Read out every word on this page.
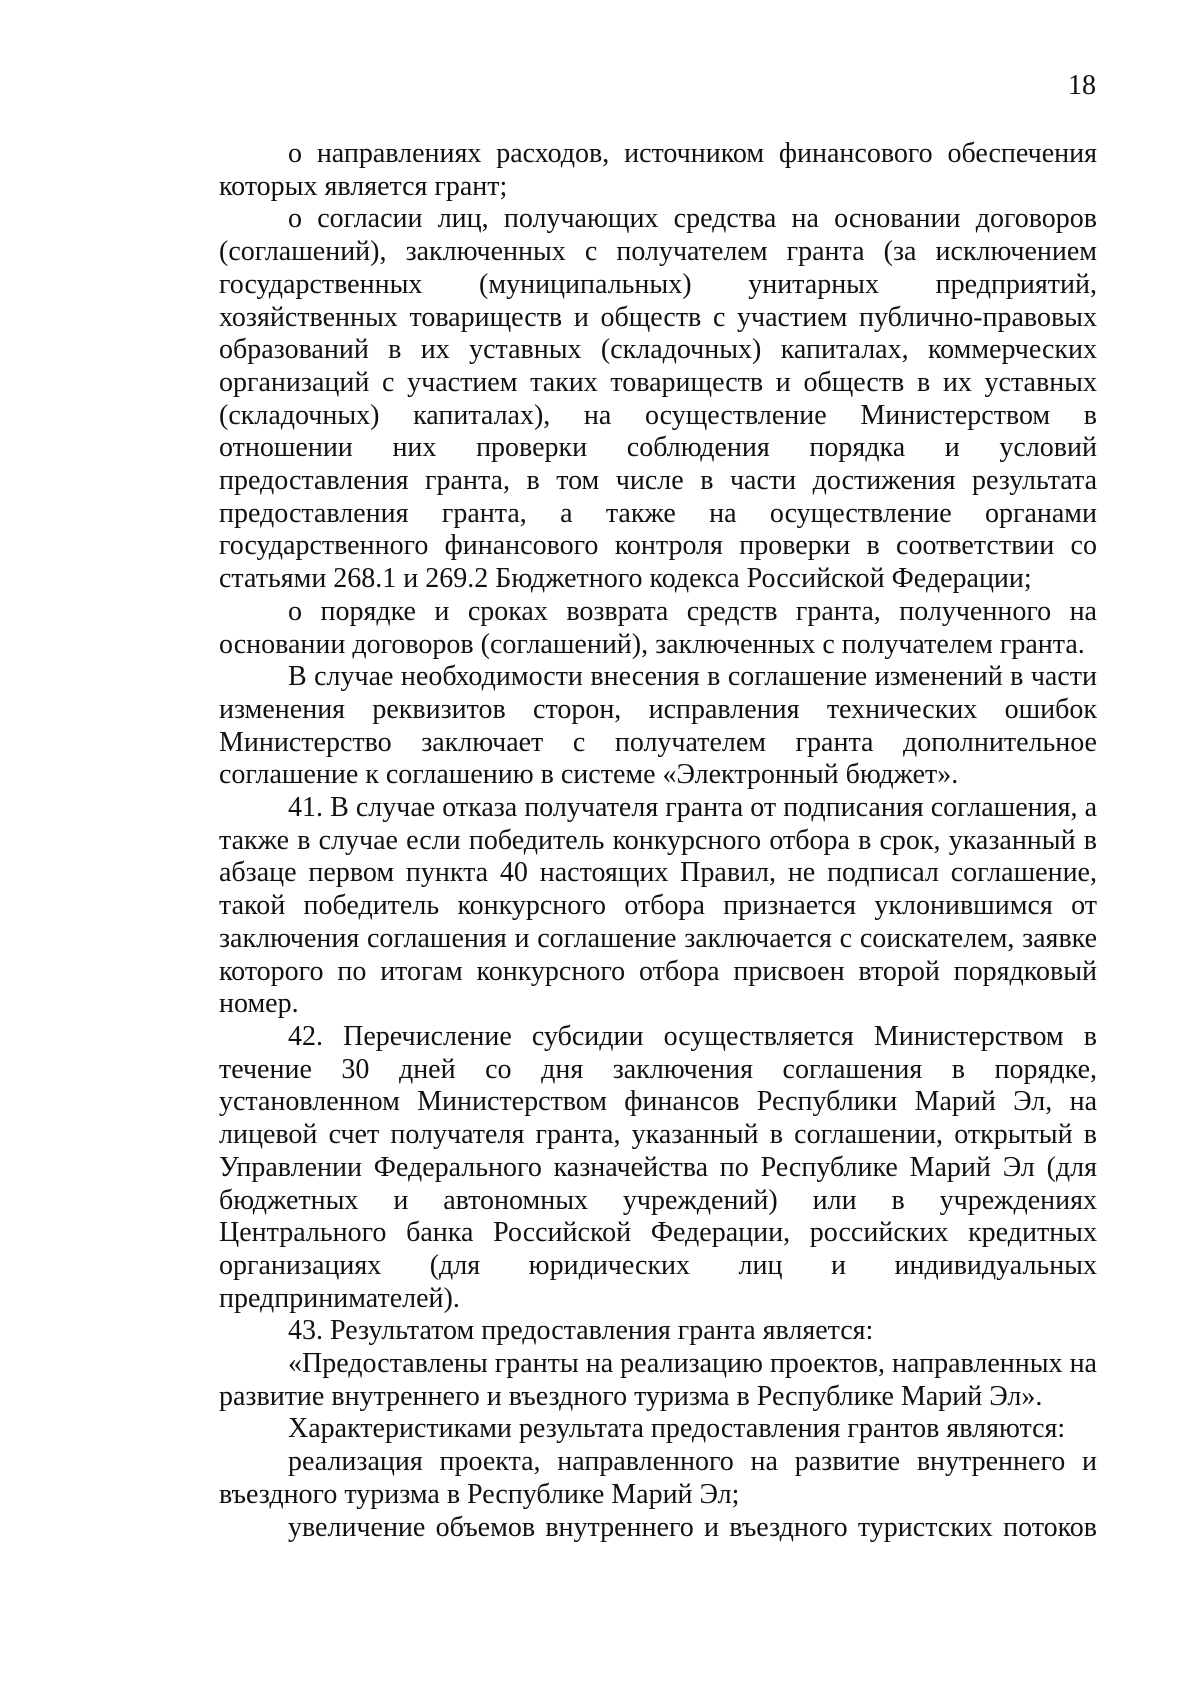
18

о направлениях расходов, источником финансового обеспечения которых является грант;

о согласии лиц, получающих средства на основании договоров (соглашений), заключенных с получателем гранта (за исключением государственных (муниципальных) унитарных предприятий, хозяйственных товариществ и обществ с участием публично-правовых образований в их уставных (складочных) капиталах, коммерческих организаций с участием таких товариществ и обществ в их уставных (складочных) капиталах), на осуществление Министерством в отношении них проверки соблюдения порядка и условий предоставления гранта, в том числе в части достижения результата предоставления гранта, а также на осуществление органами государственного финансового контроля проверки в соответствии со статьями 268.1 и 269.2 Бюджетного кодекса Российской Федерации;

о порядке и сроках возврата средств гранта, полученного на основании договоров (соглашений), заключенных с получателем гранта.

В случае необходимости внесения в соглашение изменений в части изменения реквизитов сторон, исправления технических ошибок Министерство заключает с получателем гранта дополнительное соглашение к соглашению в системе «Электронный бюджет».

41. В случае отказа получателя гранта от подписания соглашения, а также в случае если победитель конкурсного отбора в срок, указанный в абзаце первом пункта 40 настоящих Правил, не подписал соглашение, такой победитель конкурсного отбора признается уклонившимся от заключения соглашения и соглашение заключается с соискателем, заявке которого по итогам конкурсного отбора присвоен второй порядковый номер.

42. Перечисление субсидии осуществляется Министерством в течение 30 дней со дня заключения соглашения в порядке, установленном Министерством финансов Республики Марий Эл, на лицевой счет получателя гранта, указанный в соглашении, открытый в Управлении Федерального казначейства по Республике Марий Эл (для бюджетных и автономных учреждений) или в учреждениях Центрального банка Российской Федерации, российских кредитных организациях (для юридических лиц и индивидуальных предпринимателей).

43. Результатом предоставления гранта является:

«Предоставлены гранты на реализацию проектов, направленных на развитие внутреннего и въездного туризма в Республике Марий Эл».

Характеристиками результата предоставления грантов являются:

реализация проекта, направленного на развитие внутреннего и въездного туризма в Республике Марий Эл;

увеличение объемов внутреннего и въездного туристских потоков
